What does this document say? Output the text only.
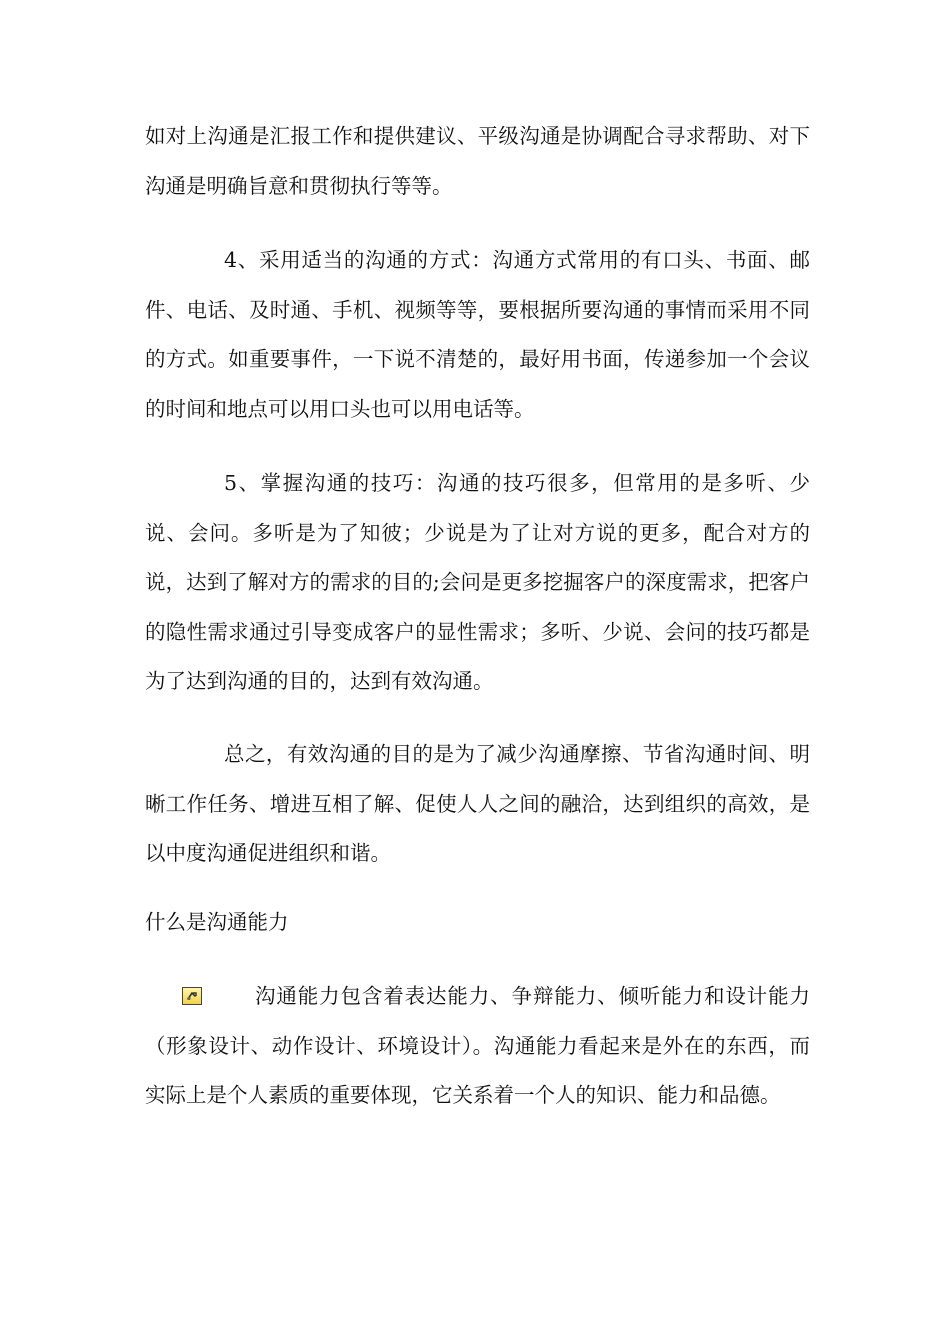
如对上沟通是汇报工作和提供建议、平级沟通是协调配合寻求帮助、对下沟通是明确旨意和贯彻执行等等。

4、采用适当的沟通的方式：沟通方式常用的有口头、书面、邮件、电话、及时通、手机、视频等等，要根据所要沟通的事情而采用不同的方式。如重要事件，一下说不清楚的，最好用书面，传递参加一个会议的时间和地点可以用口头也可以用电话等。

5、掌握沟通的技巧：沟通的技巧很多，但常用的是多听、少说、会问。多听是为了知彼；少说是为了让对方说的更多，配合对方的说，达到了解对方的需求的目的;会问是更多挖掘客户的深度需求，把客户的隐性需求通过引导变成客户的显性需求；多听、少说、会问的技巧都是为了达到沟通的目的，达到有效沟通。

总之，有效沟通的目的是为了减少沟通摩擦、节省沟通时间、明晰工作任务、增进互相了解、促使人人之间的融洽，达到组织的高效，是以中度沟通促进组织和谐。

什么是沟通能力

沟通能力包含着表达能力、争辩能力、倾听能力和设计能力（形象设计、动作设计、环境设计）。沟通能力看起来是外在的东西，而实际上是个人素质的重要体现，它关系着一个人的知识、能力和品德。
